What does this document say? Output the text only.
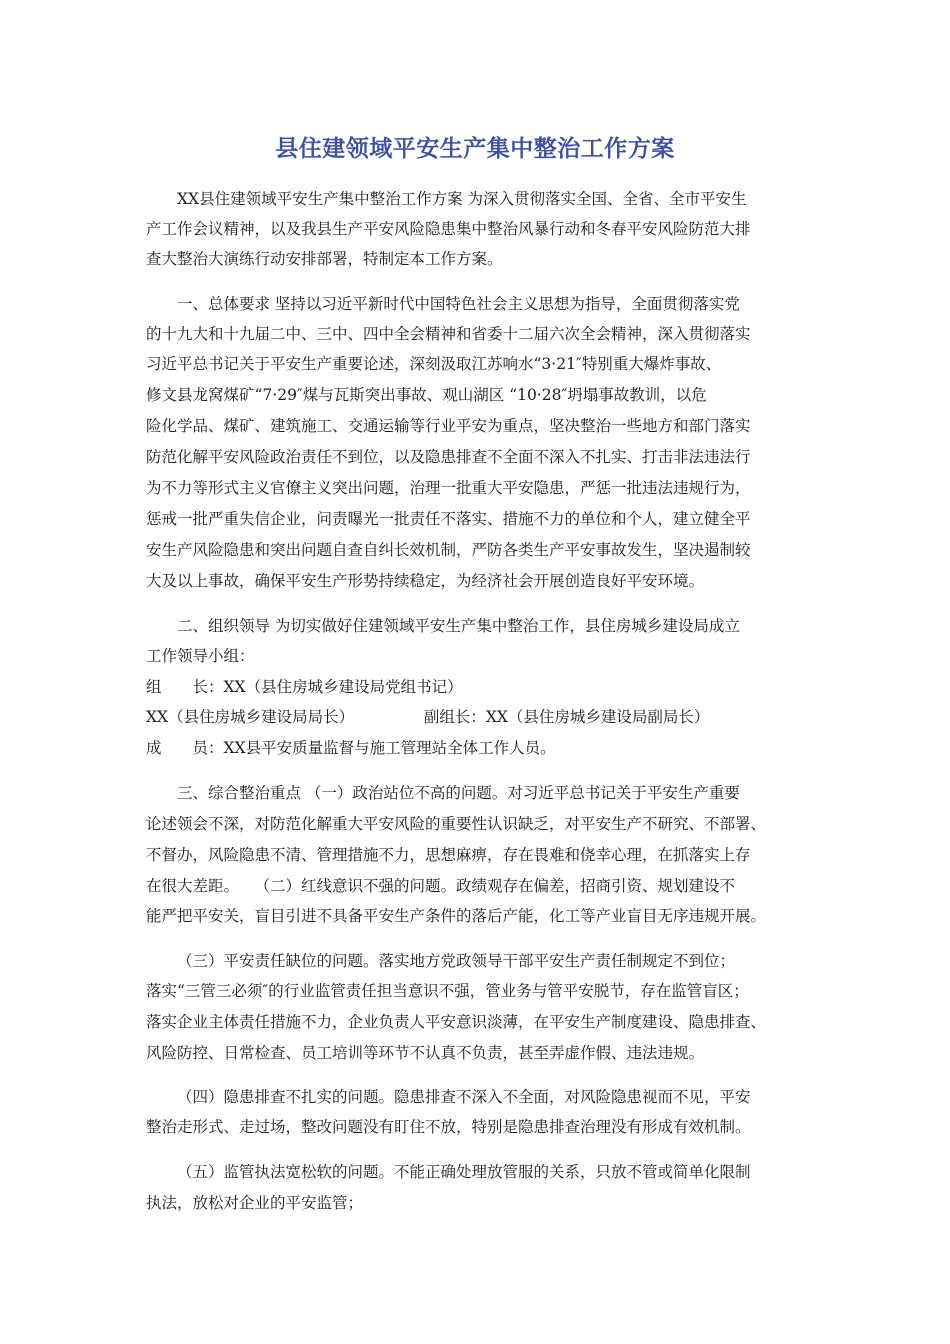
县住建领域平安生产集中整治工作方案

XX县住建领域平安生产集中整治工作方案 为深入贯彻落实全国、全省、全市平安生

产工作会议精神，以及我县生产平安风险隐患集中整治风暴行动和冬春平安风险防范大排

查大整治大演练行动安排部署，特制定本工作方案。

一、总体要求 坚持以习近平新时代中国特色社会主义思想为指导，全面贯彻落实党

的十九大和十九届二中、三中、四中全会精神和省委十二届六次全会精神，深入贯彻落实

习近平总书记关于平安生产重要论述，深刻汲取江苏响水“3·21″特别重大爆炸事故、

修文县龙窝煤矿“7·29″煤与瓦斯突出事故、观山湖区 “10·28″坍塌事故教训，以危

险化学品、煤矿、建筑施工、交通运输等行业平安为重点，坚决整治一些地方和部门落实

防范化解平安风险政治责任不到位，以及隐患排查不全面不深入不扎实、打击非法违法行

为不力等形式主义官僚主义突出问题，治理一批重大平安隐患，严惩一批违法违规行为，

惩戒一批严重失信企业，问责曝光一批责任不落实、措施不力的单位和个人，建立健全平

安生产风险隐患和突出问题自查自纠长效机制，严防各类生产平安事故发生，坚决遏制较

大及以上事故，确保平安生产形势持续稳定，为经济社会开展创造良好平安环境。

二、组织领导 为切实做好住建领域平安生产集中整治工作，县住房城乡建设局成立

工作领导小组：

组　　长：XX（县住房城乡建设局党组书记）

XX（县住房城乡建设局局长）　　　　　副组长：XX（县住房城乡建设局副局长）

成　　员：XX县平安质量监督与施工管理站全体工作人员。

三、综合整治重点 （一）政治站位不高的问题。对习近平总书记关于平安生产重要

论述领会不深，对防范化解重大平安风险的重要性认识缺乏，对平安生产不研究、不部署、

不督办，风险隐患不清、管理措施不力，思想麻痹，存在畏难和侥幸心理，在抓落实上存

在很大差距。　　（二）红线意识不强的问题。政绩观存在偏差，招商引资、规划建设不

能严把平安关，盲目引进不具备平安生产条件的落后产能，化工等产业盲目无序违规开展。

（三）平安责任缺位的问题。落实地方党政领导干部平安生产责任制规定不到位；

落实“三管三必须″的行业监管责任担当意识不强，管业务与管平安脱节，存在监管盲区；

落实企业主体责任措施不力，企业负责人平安意识淡薄，在平安生产制度建设、隐患排查、

风险防控、日常检查、员工培训等环节不认真不负责，甚至弄虚作假、违法违规。

（四）隐患排查不扎实的问题。隐患排查不深入不全面，对风险隐患视而不见，平安

整治走形式、走过场，整改问题没有盯住不放，特别是隐患排查治理没有形成有效机制。

（五）监管执法宽松软的问题。不能正确处理放管服的关系，只放不管或简单化限制

执法，放松对企业的平安监管；
